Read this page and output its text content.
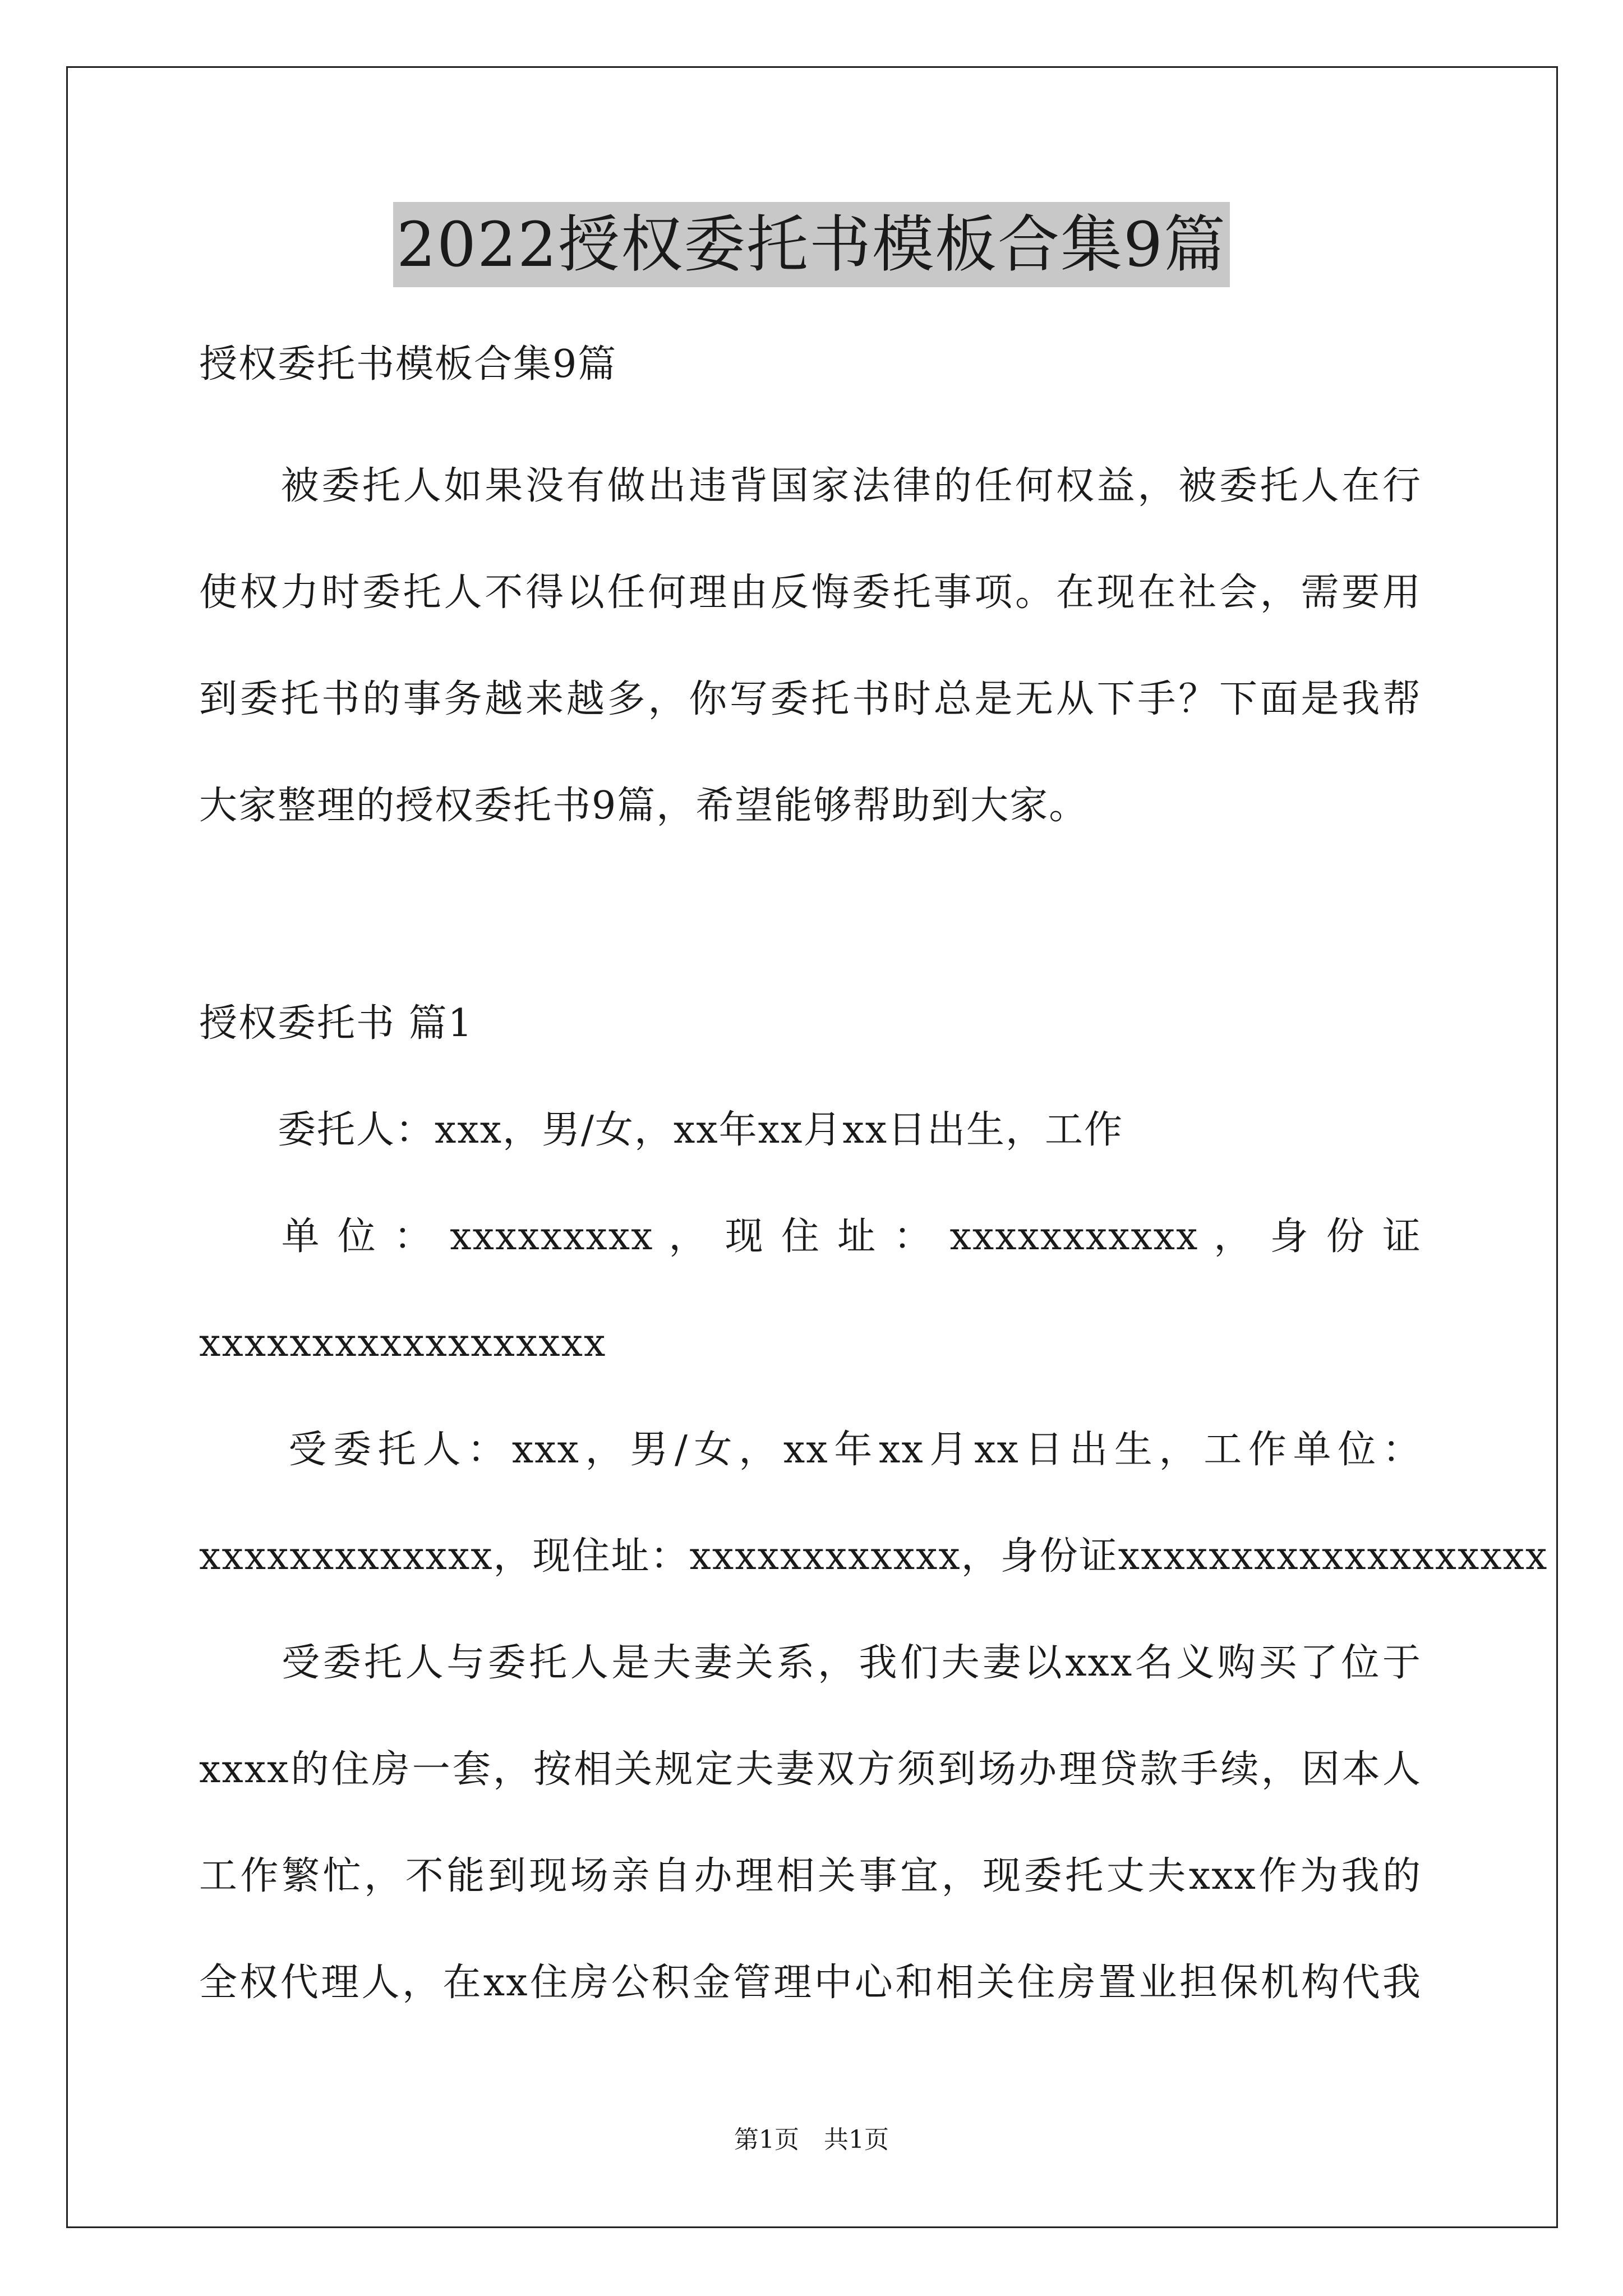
2022授权委托书模板合集9篇
授权委托书模板合集9篇
　　被委托人如果没有做出违背国家法律的任何权益，被委托人在行
使权力时委托人不得以任何理由反悔委托事项。在现在社会，需要用
到委托书的事务越来越多，你写委托书时总是无从下手？下面是我帮
大家整理的授权委托书9篇，希望能够帮助到大家。
授权委托书 篇1
　　委托人：xxx，男/女，xx年xx月xx日出生，工作
　　单 位 ： xxxxxxxxx ， 现 住 址 ： xxxxxxxxxxx ， 身 份 证
xxxxxxxxxxxxxxxxxx
　　受委托人：xxx，男/女，xx年xx月xx日出生，工作单位：
xxxxxxxxxxxxx，现住址：xxxxxxxxxxxx，身份证xxxxxxxxxxxxxxxxxxx
　　受委托人与委托人是夫妻关系，我们夫妻以xxx名义购买了位于
xxxx的住房一套，按相关规定夫妻双方须到场办理贷款手续，因本人
工作繁忙，不能到现场亲自办理相关事宜，现委托丈夫xxx作为我的
全权代理人，在xx住房公积金管理中心和相关住房置业担保机构代我
第1页　共1页
